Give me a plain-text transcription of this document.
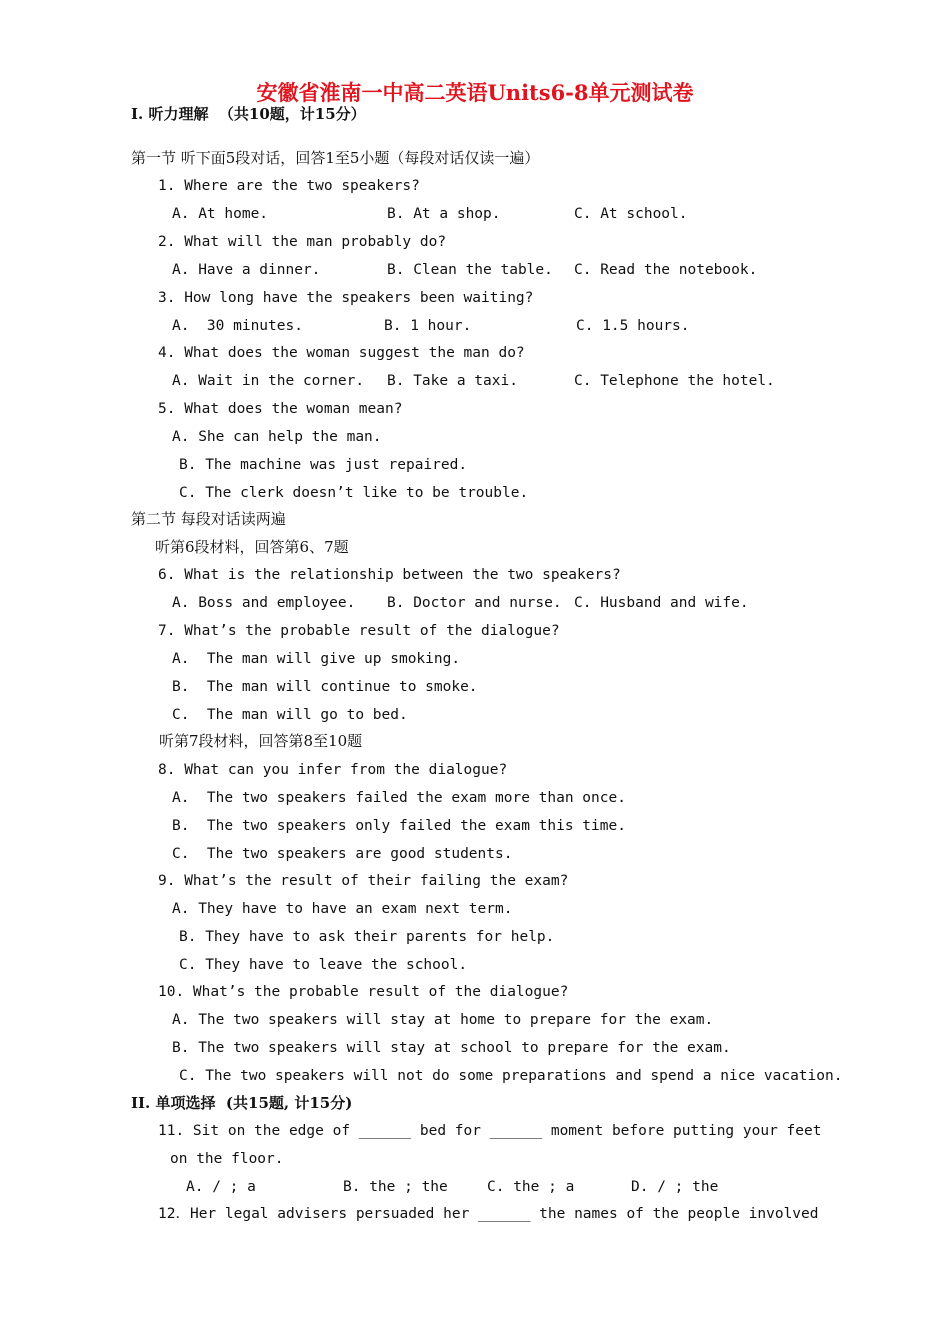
安徽省淮南一中高二英语Units6-8单元测试卷
I. 听力理解  （共10题，计15分）
第一节 听下面5段对话，回答1至5小题（每段对话仅读一遍）
1. Where are the two speakers?
A. At home.	B. At a shop.	C. At school.
2. What will the man probably do?
A. Have a dinner.	B. Clean the table. C. Read the notebook.
3. How long have the speakers been waiting?
A.  30 minutes.	B. 1 hour.	C. 1.5 hours.
4. What does the woman suggest the man do?
A. Wait in the corner. B. Take a taxi.	C. Telephone the hotel.
5. What does the woman mean?
A. She can help the man.
B. The machine was just repaired.
C. The clerk doesn’t like to be trouble.
第二节 每段对话读两遍
听第6段材料，回答第6、7题
6. What is the relationship between the two speakers?
A. Boss and employee. B. Doctor and nurse. C. Husband and wife.
7. What’s the probable result of the dialogue?
A.  The man will give up smoking.
B.  The man will continue to smoke.
C.  The man will go to bed.
听第7段材料，回答第8至10题
8. What can you infer from the dialogue?
A.  The two speakers failed the exam more than once.
B.  The two speakers only failed the exam this time.
C.  The two speakers are good students.
9. What’s the result of their failing the exam?
A. They have to have an exam next term.
B. They have to ask their parents for help.
C. They have to leave the school.
10. What’s the probable result of the dialogue?
A. The two speakers will stay at home to prepare for the exam.
B. The two speakers will stay at school to prepare for the exam.
C. The two speakers will not do some preparations and spend a nice vacation.
II. 单项选择  (共15题, 计15分)
11. Sit on the edge of ______ bed for ______ moment before putting your feet
on the floor.
A. / ; a	B. the ; the	C. the ; a	D. / ; the
12．Her legal advisers persuaded her ______ the names of the people involved
